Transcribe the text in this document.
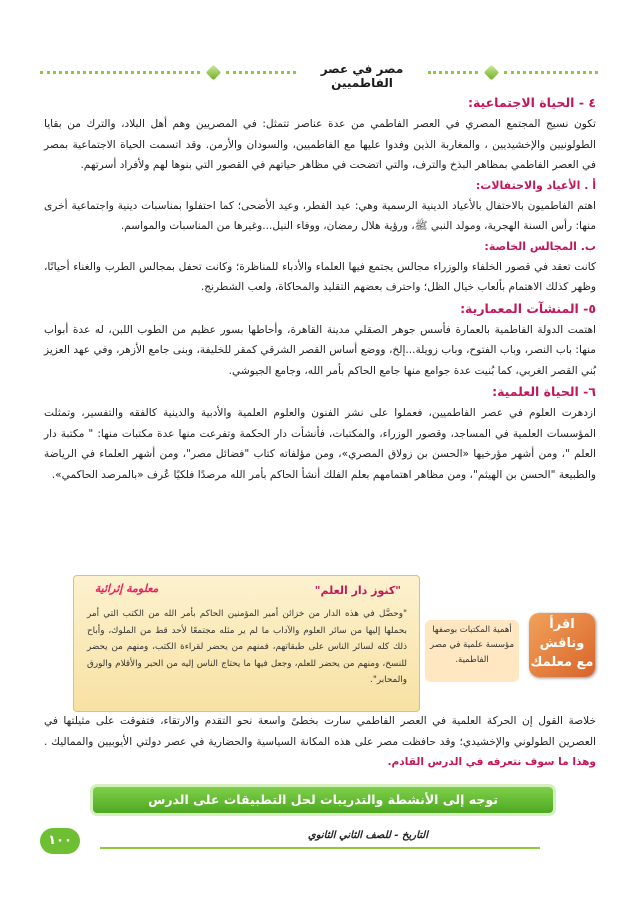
مصر في عصر الفاطميين

٤ - الحياة الاجتماعية:

تكون نسيج المجتمع المصري في العصر الفاطمي من عدة عناصر تتمثل: في المصريين وهم أهل البلاد، والترك من بقايا الطولونيين والإخشيديين ، والمغاربة الذين وفدوا عليها مع الفاطميين، والسودان والأرمن. وقد اتسمت الحياة الاجتماعية بمصر في العصر الفاطمي بمظاهر البذخ والترف، والتي اتضحت في مظاهر حياتهم في القصور التي بنوها لهم ولأفراد أسرتهم.

أ . الأعياد والاحتفالات:

اهتم الفاطميون بالاحتفال بالأعياد الدينية الرسمية وهي: عيد الفطر، وعيد الأضحى؛ كما احتفلوا بمناسبات دينية واجتماعية أخرى منها: رأس السنة الهجرية، ومولد النبي ﷺ، ورؤية هلال رمضان، ووفاء النيل...وغيرها من المناسبات والمواسم.

ب. المجالس الخاصة:

كانت تعقد في قصور الخلفاء والوزراء مجالس يجتمع فيها العلماء والأدباء للمناظرة؛ وكانت تحفل بمجالس الطرب والغناء أحيانًا، وظهر كذلك الاهتمام بألعاب خيال الظل؛ واحترف بعضهم التقليد والمحاكاة، ولعب الشطرنج.

٥- المنشآت المعمارية:

اهتمت الدولة الفاطمية بالعمارة فأسس جوهر الصقلي مدينة القاهرة، وأحاطها بسور عظيم من الطوب اللبن، له عدة أبواب منها: باب النصر، وباب الفتوح، وباب زويلة...إلخ، ووضع أساس القصر الشرقي كمقر للخليفة، وبنى جامع الأزهر، وفي عهد العزيز بُني القصر الغربي، كما بُنيت عدة جوامع منها جامع الحاكم بأمر الله، وجامع الجيوشي.

٦- الحياة العلمية:

ازدهرت العلوم في عصر الفاطميين، فعملوا على نشر الفنون والعلوم العلمية والأدبية والدينية كالفقه والتفسير، وتمثلت المؤسسات العلمية في المساجد، وقصور الوزراء، والمكتبات، فأنشأت دار الحكمة وتفرعت منها عدة مكتبات منها: " مكتبة دار العلم "، ومن أشهر مؤرخيها «الحسن بن زولاق المصري»، ومن مؤلفاته كتاب "فضائل مصر"، ومن أشهر العلماء في الرياضة والطبيعة "الحسن بن الهيثم"، ومن مظاهر اهتمامهم بعلم الفلك أنشأ الحاكم بأمر الله مرصدًا فلكيًا عُرف «بالمرصد الحاكمي».

اقرأ وناقش مع معلمك
أهمية المكتبات بوصفها مؤسسة علمية في مصر الفاطمية.
"كنوز دار العلم"
معلومة إثرائية
"وحصَّل في هذه الدار من خزائن أمير المؤمنين الحاكم بأمر الله من الكتب التي أمر بحملها إليها من سائر العلوم والآداب ما لم ير مثله مجتمعًا لأحد قط من الملوك، وأباح ذلك كله لسائر الناس على طبقاتهم، فمنهم من يحضر لقراءة الكتب، ومنهم من يحضر للنسخ، ومنهم من يحضر للعلم، وجعل فيها ما يحتاج الناس إليه من الحبر والأقلام والورق والمحابر".
خلاصة القول إن الحركة العلمية في العصر الفاطمي سارت بخطىً واسعة نحو التقدم والارتقاء، فتفوقت على مثيلتها في العصرين الطولوني والإخشيدي؛ وقد حافظت مصر على هذه المكانة السياسية والحضارية في عصر دولتي الأيوبيين والمماليك . وهذا ما سوف نتعرفه في الدرس القادم.
توجه إلى الأنشطة والتدريبات لحل التطبيقات على الدرس
التاريخ - للصف الثاني الثانوي
١٠٠
